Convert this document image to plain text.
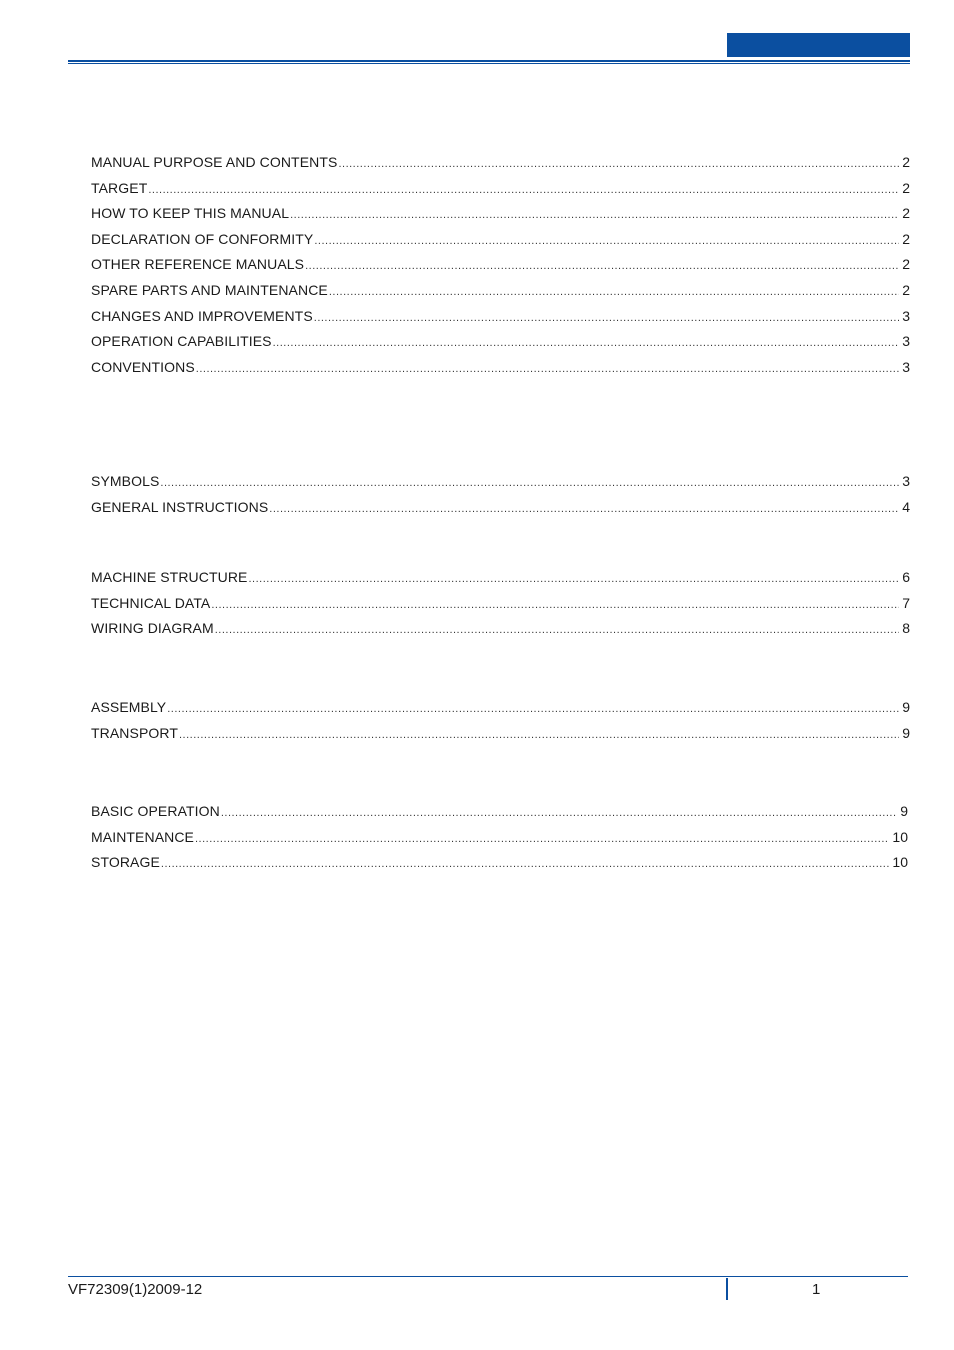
MANUAL PURPOSE AND CONTENTS .....	2
TARGET .....	2
HOW TO KEEP THIS MANUAL .....	2
DECLARATION OF CONFORMITY .....	2
OTHER REFERENCE MANUALS .....	2
SPARE PARTS AND MAINTENANCE .....	2
CHANGES AND IMPROVEMENTS .....	3
OPERATION CAPABILITIES .....	3
CONVENTIONS .....	3
SYMBOLS .....	3
GENERAL INSTRUCTIONS .....	4
MACHINE STRUCTURE .....	6
TECHNICAL DATA .....	7
WIRING DIAGRAM .....	8
ASSEMBLY .....	9
TRANSPORT .....	9
BASIC OPERATION .....	9
MAINTENANCE .....	10
STORAGE .....	10
VF72309(1)2009-12	1
